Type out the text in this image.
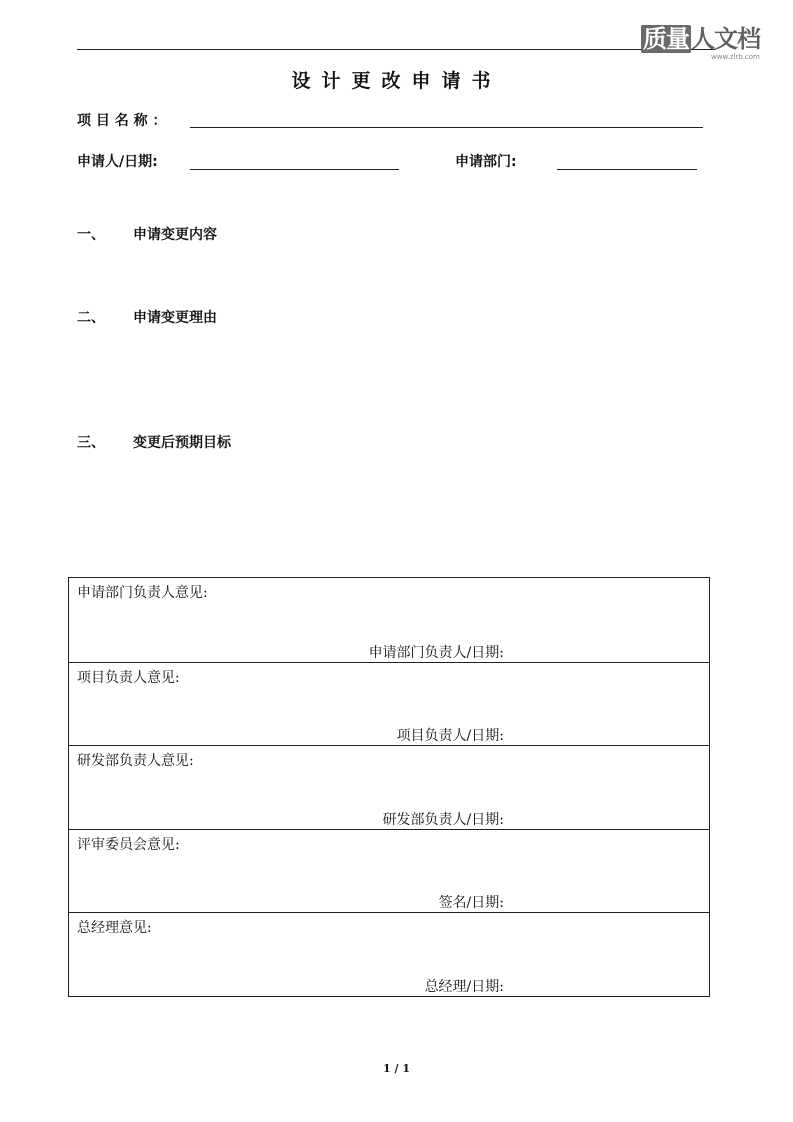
质量人文档
www.zlrb.com
设计更改申请书
项 目 名 称 ：
申请人/日期:	申请部门:
一、 申请变更内容
二、 申请变更理由
三、 变更后预期目标
申请部门负责人意见:
申请部门负责人/日期:
项目负责人意见:
项目负责人/日期:
研发部负责人意见:
研发部负责人/日期:
评审委员会意见:
签名/日期:
总经理意见:
总经理/日期:
1 / 1
